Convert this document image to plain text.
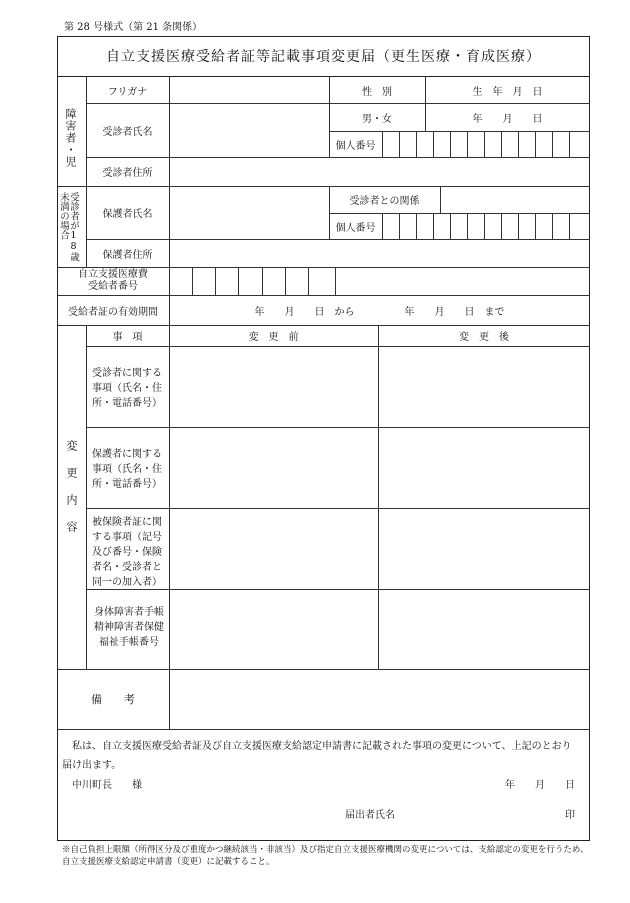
第 28 号様式（第 21 条関係）
自立支援医療受給者証等記載事項変更届（更生医療・育成医療）
障害者・児
フリガナ
受診者氏名
性　別	生　年　月　日
男・女	年　　月　　日
個人番号
受診者住所
受診者が18歳未満の場合	保護者氏名
受診者との関係
個人番号
保護者住所
自立支援医療費
受給者番号
受給者証の有効期間	年　　月　　日　から　　　　　年　　月　　日　まで
変更内容
事　項	変　更　前	変　更　後
受診者に関する事項（氏名・住所・電話番号）
保護者に関する事項（氏名・住所・電話番号）
被保険者証に関する事項（記号及び番号・保険者名・受診者と同一の加入者）
身体障害者手帳
精神障害者保健
福祉手帳番号
備　　考
私は、自立支援医療受給者証及び自立支援医療支給認定申請書に記載された事項の変更について、上記のとおり
届け出ます。
中川町長　　様	年　　月　　日
届出者氏名	印
※自己負担上限額（所得区分及び重度かつ継続該当・非該当）及び指定自立支援医療機関の変更については、支給認定の変更を行うため、自立支援医療支給認定申請書（変更）に記載すること。
